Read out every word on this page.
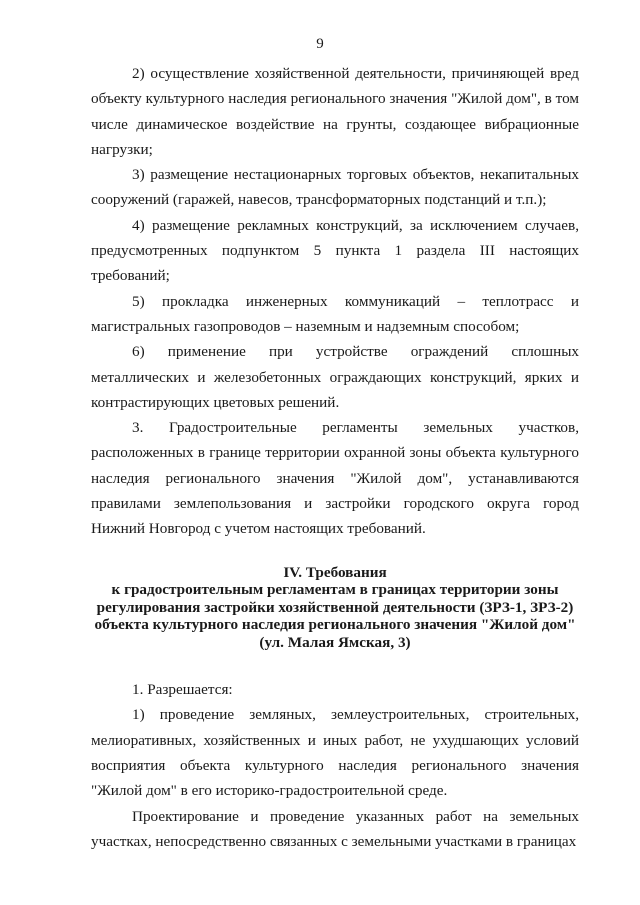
9

2) осуществление хозяйственной деятельности, причиняющей вред объекту культурного наследия регионального значения "Жилой дом", в том числе динамическое воздействие на грунты, создающее вибрационные нагрузки;

3) размещение нестационарных торговых объектов, некапитальных сооружений (гаражей, навесов, трансформаторных подстанций и т.п.);

4) размещение рекламных конструкций, за исключением случаев, предусмотренных подпунктом 5 пункта 1 раздела III настоящих требований;

5) прокладка инженерных коммуникаций – теплотрасс и магистральных газопроводов – наземным и надземным способом;

6) применение при устройстве ограждений сплошных металлических и железобетонных ограждающих конструкций, ярких и контрастирующих цветовых решений.

3. Градостроительные регламенты земельных участков, расположенных в границе территории охранной зоны объекта культурного наследия регионального значения "Жилой дом", устанавливаются правилами землепользования и застройки городского округа город Нижний Новгород с учетом настоящих требований.

IV. Требования
к градостроительным регламентам в границах территории зоны
регулирования застройки хозяйственной деятельности (ЗРЗ-1, ЗРЗ-2)
объекта культурного наследия регионального значения "Жилой дом"
(ул. Малая Ямская, 3)

1. Разрешается:

1) проведение земляных, землеустроительных, строительных, мелиоративных, хозяйственных и иных работ, не ухудшающих условий восприятия объекта культурного наследия регионального значения "Жилой дом" в его историко-градостроительной среде.

Проектирование и проведение указанных работ на земельных участках, непосредственно связанных с земельными участками в границах
